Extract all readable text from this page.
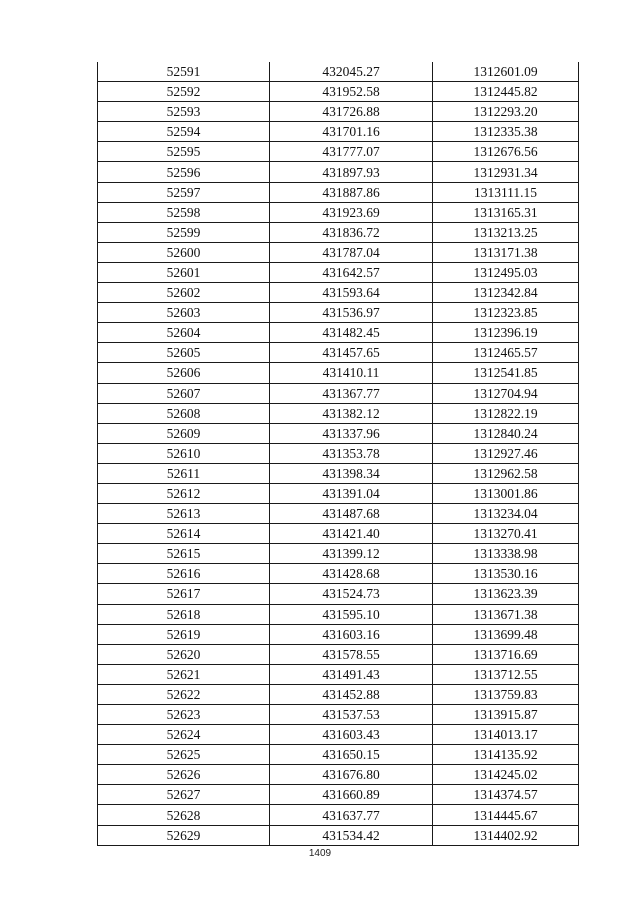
52591	432045.27	1312601.09
52592	431952.58	1312445.82
52593	431726.88	1312293.20
52594	431701.16	1312335.38
52595	431777.07	1312676.56
52596	431897.93	1312931.34
52597	431887.86	1313111.15
52598	431923.69	1313165.31
52599	431836.72	1313213.25
52600	431787.04	1313171.38
52601	431642.57	1312495.03
52602	431593.64	1312342.84
52603	431536.97	1312323.85
52604	431482.45	1312396.19
52605	431457.65	1312465.57
52606	431410.11	1312541.85
52607	431367.77	1312704.94
52608	431382.12	1312822.19
52609	431337.96	1312840.24
52610	431353.78	1312927.46
52611	431398.34	1312962.58
52612	431391.04	1313001.86
52613	431487.68	1313234.04
52614	431421.40	1313270.41
52615	431399.12	1313338.98
52616	431428.68	1313530.16
52617	431524.73	1313623.39
52618	431595.10	1313671.38
52619	431603.16	1313699.48
52620	431578.55	1313716.69
52621	431491.43	1313712.55
52622	431452.88	1313759.83
52623	431537.53	1313915.87
52624	431603.43	1314013.17
52625	431650.15	1314135.92
52626	431676.80	1314245.02
52627	431660.89	1314374.57
52628	431637.77	1314445.67
52629	431534.42	1314402.92
1409
